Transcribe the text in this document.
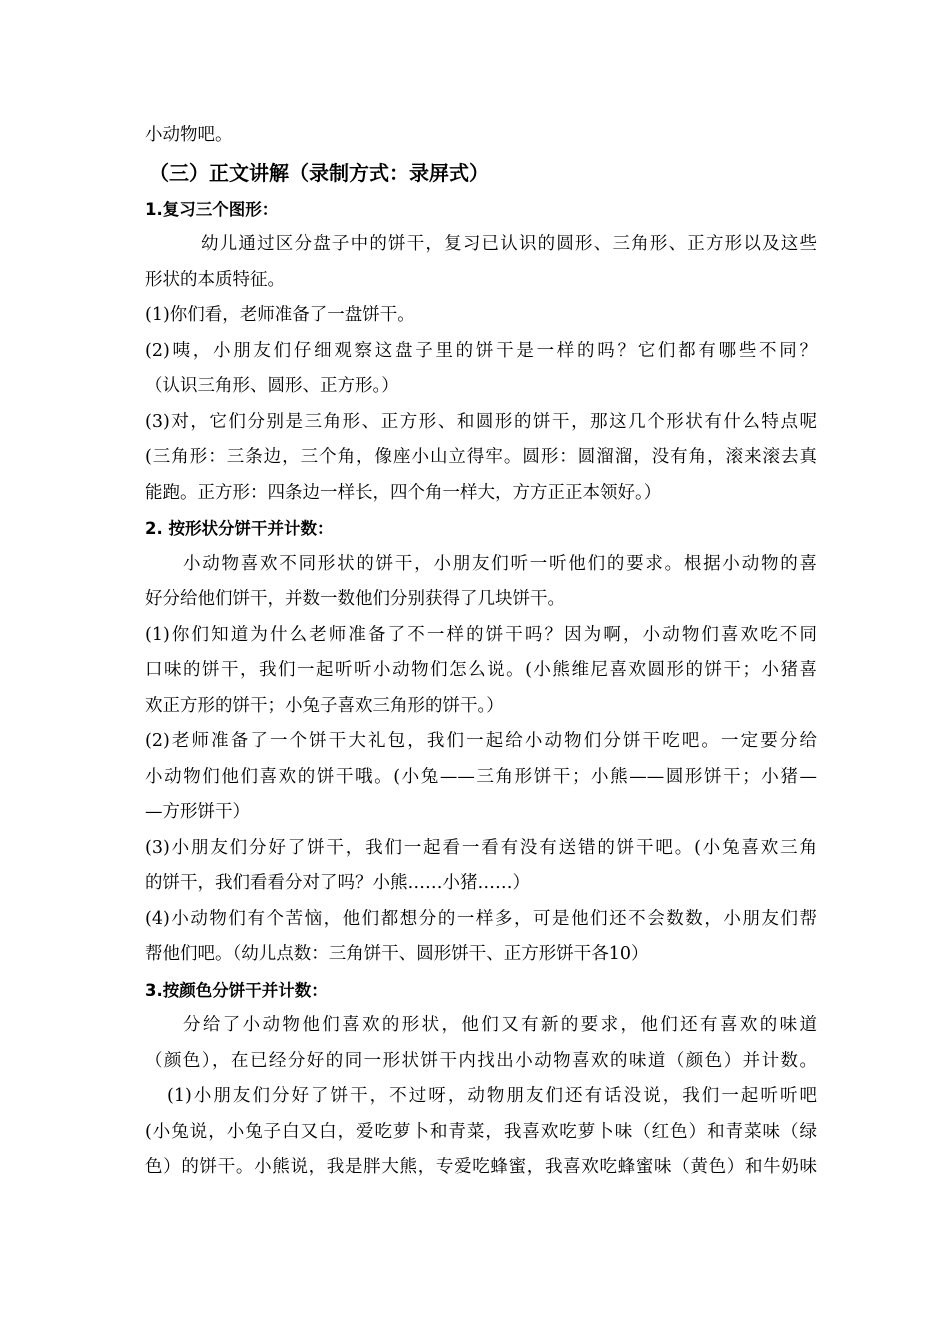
小动物吧。

（三）正文讲解（录制方式：录屏式）

1.复习三个图形：

幼儿通过区分盘子中的饼干，复习已认识的圆形、三角形、正方形以及这些

形状的本质特征。

(1)你们看，老师准备了一盘饼干。

(2)咦，小朋友们仔细观察这盘子里的饼干是一样的吗？它们都有哪些不同？

（认识三角形、圆形、正方形。）

(3)对，它们分别是三角形、正方形、和圆形的饼干，那这几个形状有什么特点呢

(三角形：三条边，三个角，像座小山立得牢。圆形：圆溜溜，没有角，滚来滚去真

能跑。正方形：四条边一样长，四个角一样大，方方正正本领好。）

2. 按形状分饼干并计数：

小动物喜欢不同形状的饼干，小朋友们听一听他们的要求。根据小动物的喜

好分给他们饼干，并数一数他们分别获得了几块饼干。

(1)你们知道为什么老师准备了不一样的饼干吗？因为啊，小动物们喜欢吃不同

口味的饼干，我们一起听听小动物们怎么说。(小熊维尼喜欢圆形的饼干；小猪喜

欢正方形的饼干；小兔子喜欢三角形的饼干。）

(2)老师准备了一个饼干大礼包，我们一起给小动物们分饼干吃吧。一定要分给

小动物们他们喜欢的饼干哦。(小兔——三角形饼干；小熊——圆形饼干；小猪—

—方形饼干）

(3)小朋友们分好了饼干，我们一起看一看有没有送错的饼干吧。(小兔喜欢三角

的饼干，我们看看分对了吗？小熊……小猪……）

(4)小动物们有个苦恼，他们都想分的一样多，可是他们还不会数数，小朋友们帮

帮他们吧。（幼儿点数：三角饼干、圆形饼干、正方形饼干各10）

3.按颜色分饼干并计数：

分给了小动物他们喜欢的形状，他们又有新的要求，他们还有喜欢的味道

（颜色），在已经分好的同一形状饼干内找出小动物喜欢的味道（颜色）并计数。

(1)小朋友们分好了饼干，不过呀，动物朋友们还有话没说，我们一起听听吧

(小兔说，小兔子白又白，爱吃萝卜和青菜，我喜欢吃萝卜味（红色）和青菜味（绿

色）的饼干。小熊说，我是胖大熊，专爱吃蜂蜜，我喜欢吃蜂蜜味（黄色）和牛奶味
